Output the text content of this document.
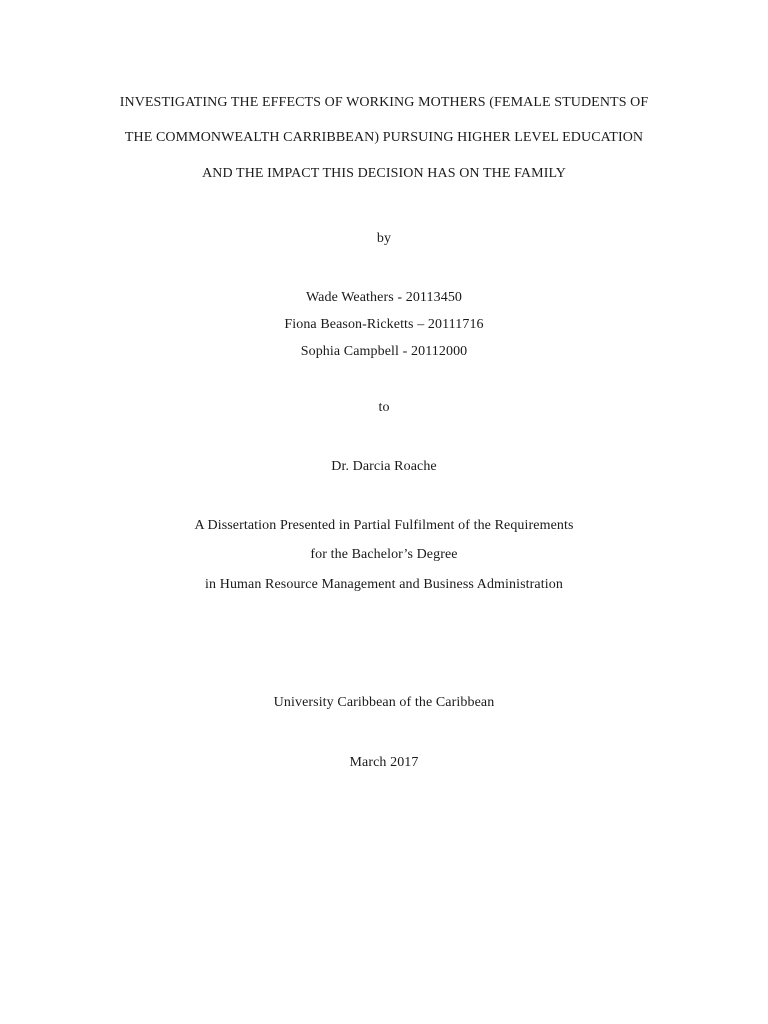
INVESTIGATING THE EFFECTS OF WORKING MOTHERS (FEMALE STUDENTS OF
THE COMMONWEALTH CARRIBBEAN) PURSUING HIGHER LEVEL EDUCATION
AND THE IMPACT THIS DECISION HAS ON THE FAMILY
by
Wade Weathers - 20113450
Fiona Beason-Ricketts – 20111716
Sophia Campbell - 20112000
to
Dr. Darcia Roache
A Dissertation Presented in Partial Fulfilment of the Requirements
for the Bachelor’s Degree
in Human Resource Management and Business Administration
University Caribbean of the Caribbean
March 2017
